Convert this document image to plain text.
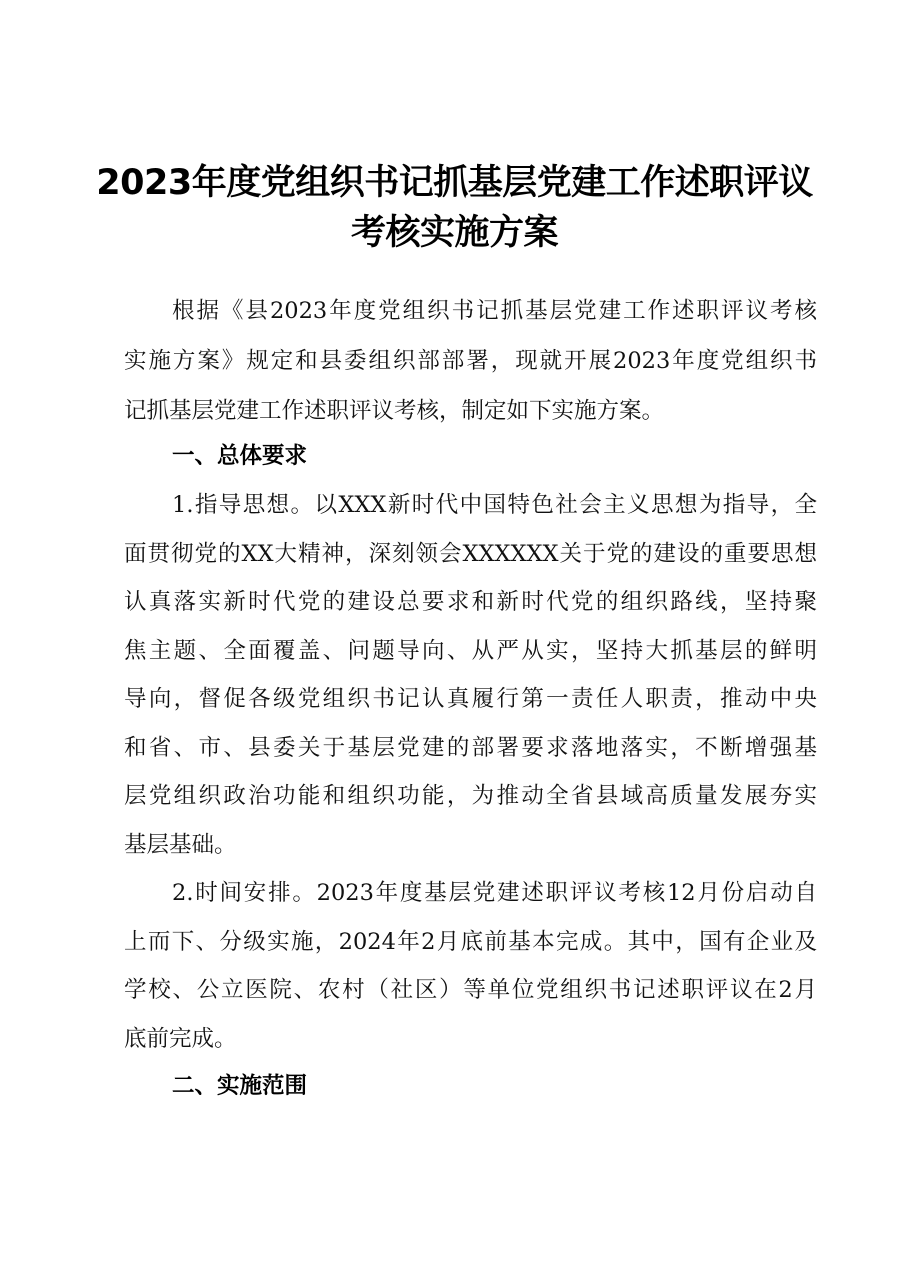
2023年度党组织书记抓基层党建工作述职评议
考核实施方案
根据《县2023年度党组织书记抓基层党建工作述职评议考核
实施方案》规定和县委组织部部署，现就开展2023年度党组织书
记抓基层党建工作述职评议考核，制定如下实施方案。
一、总体要求
1.指导思想。以XXX新时代中国特色社会主义思想为指导，全
面贯彻党的XX大精神，深刻领会XXXXXX关于党的建设的重要思想
认真落实新时代党的建设总要求和新时代党的组织路线，坚持聚
焦主题、全面覆盖、问题导向、从严从实，坚持大抓基层的鲜明
导向，督促各级党组织书记认真履行第一责任人职责，推动中央
和省、市、县委关于基层党建的部署要求落地落实，不断增强基
层党组织政治功能和组织功能，为推动全省县域高质量发展夯实
基层基础。
2.时间安排。2023年度基层党建述职评议考核12月份启动自
上而下、分级实施，2024年2月底前基本完成。其中，国有企业及
学校、公立医院、农村（社区）等单位党组织书记述职评议在2月
底前完成。
二、实施范围
